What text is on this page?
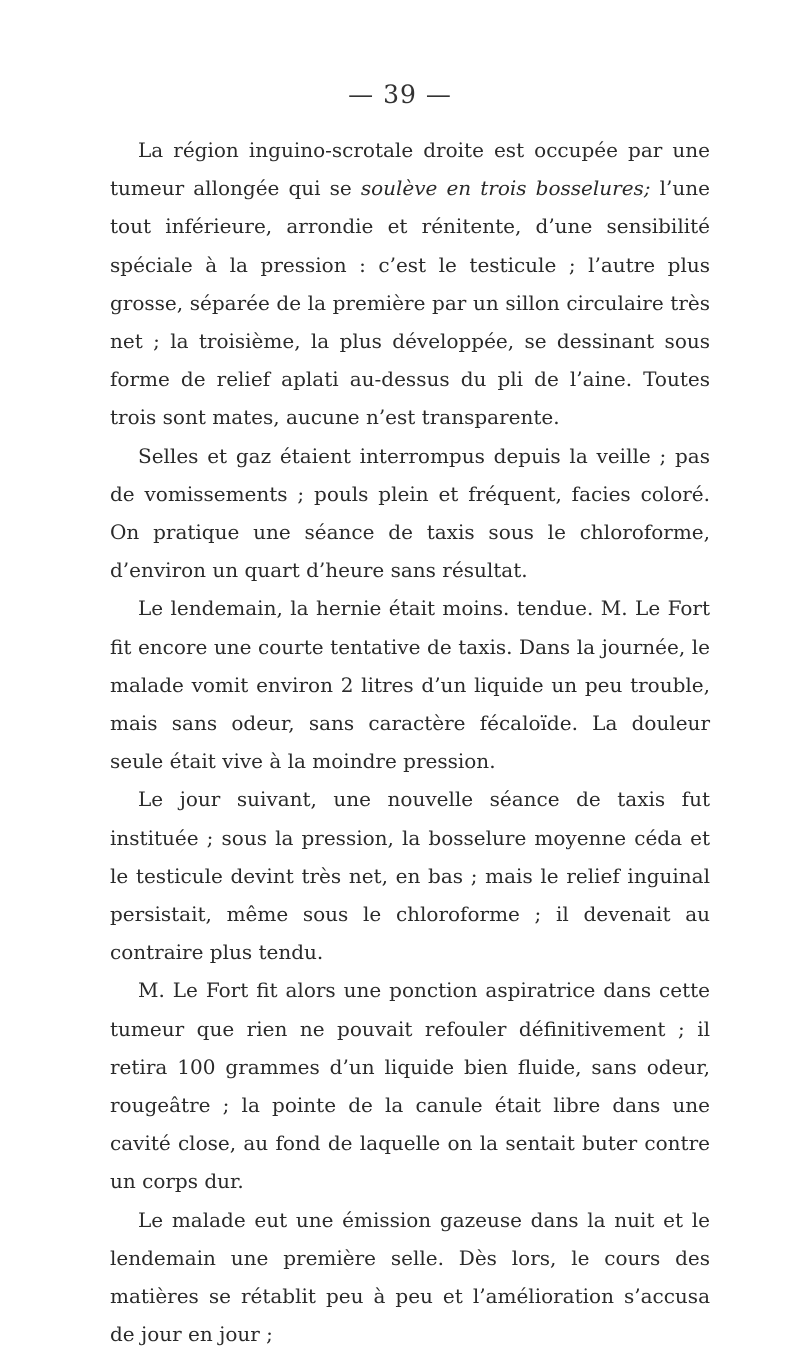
— 39 —

La région inguino-scrotale droite est occupée par une tumeur allongée qui se soulève en trois bosselures; l’une tout inférieure, arrondie et rénitente, d’une sensibilité spéciale à la pression : c’est le testicule ; l’autre plus grosse, séparée de la première par un sillon circulaire très net ; la troisième, la plus développée, se dessinant sous forme de relief aplati au-dessus du pli de l’aine. Toutes trois sont mates, aucune n’est transparente.

Selles et gaz étaient interrompus depuis la veille ; pas de vomissements ; pouls plein et fréquent, facies coloré. On pratique une séance de taxis sous le chloroforme, d’environ un quart d’heure sans résultat.

Le lendemain, la hernie était moins. tendue. M. Le Fort fit encore une courte tentative de taxis. Dans la journée, le malade vomit environ 2 litres d’un liquide un peu trouble, mais sans odeur, sans caractère fécaloïde. La douleur seule était vive à la moindre pression.

Le jour suivant, une nouvelle séance de taxis fut instituée ; sous la pression, la bosselure moyenne céda et le testicule devint très net, en bas ; mais le relief inguinal persistait, même sous le chloroforme ; il devenait au contraire plus tendu.

M. Le Fort fit alors une ponction aspiratrice dans cette tumeur que rien ne pouvait refouler définitivement ; il retira 100 grammes d’un liquide bien fluide, sans odeur, rougeâtre ; la pointe de la canule était libre dans une cavité close, au fond de laquelle on la sentait buter contre un corps dur.

Le malade eut une émission gazeuse dans la nuit et le lendemain une première selle. Dès lors, le cours des matières se rétablit peu à peu et l’amélioration s’accusa de jour en jour ;
